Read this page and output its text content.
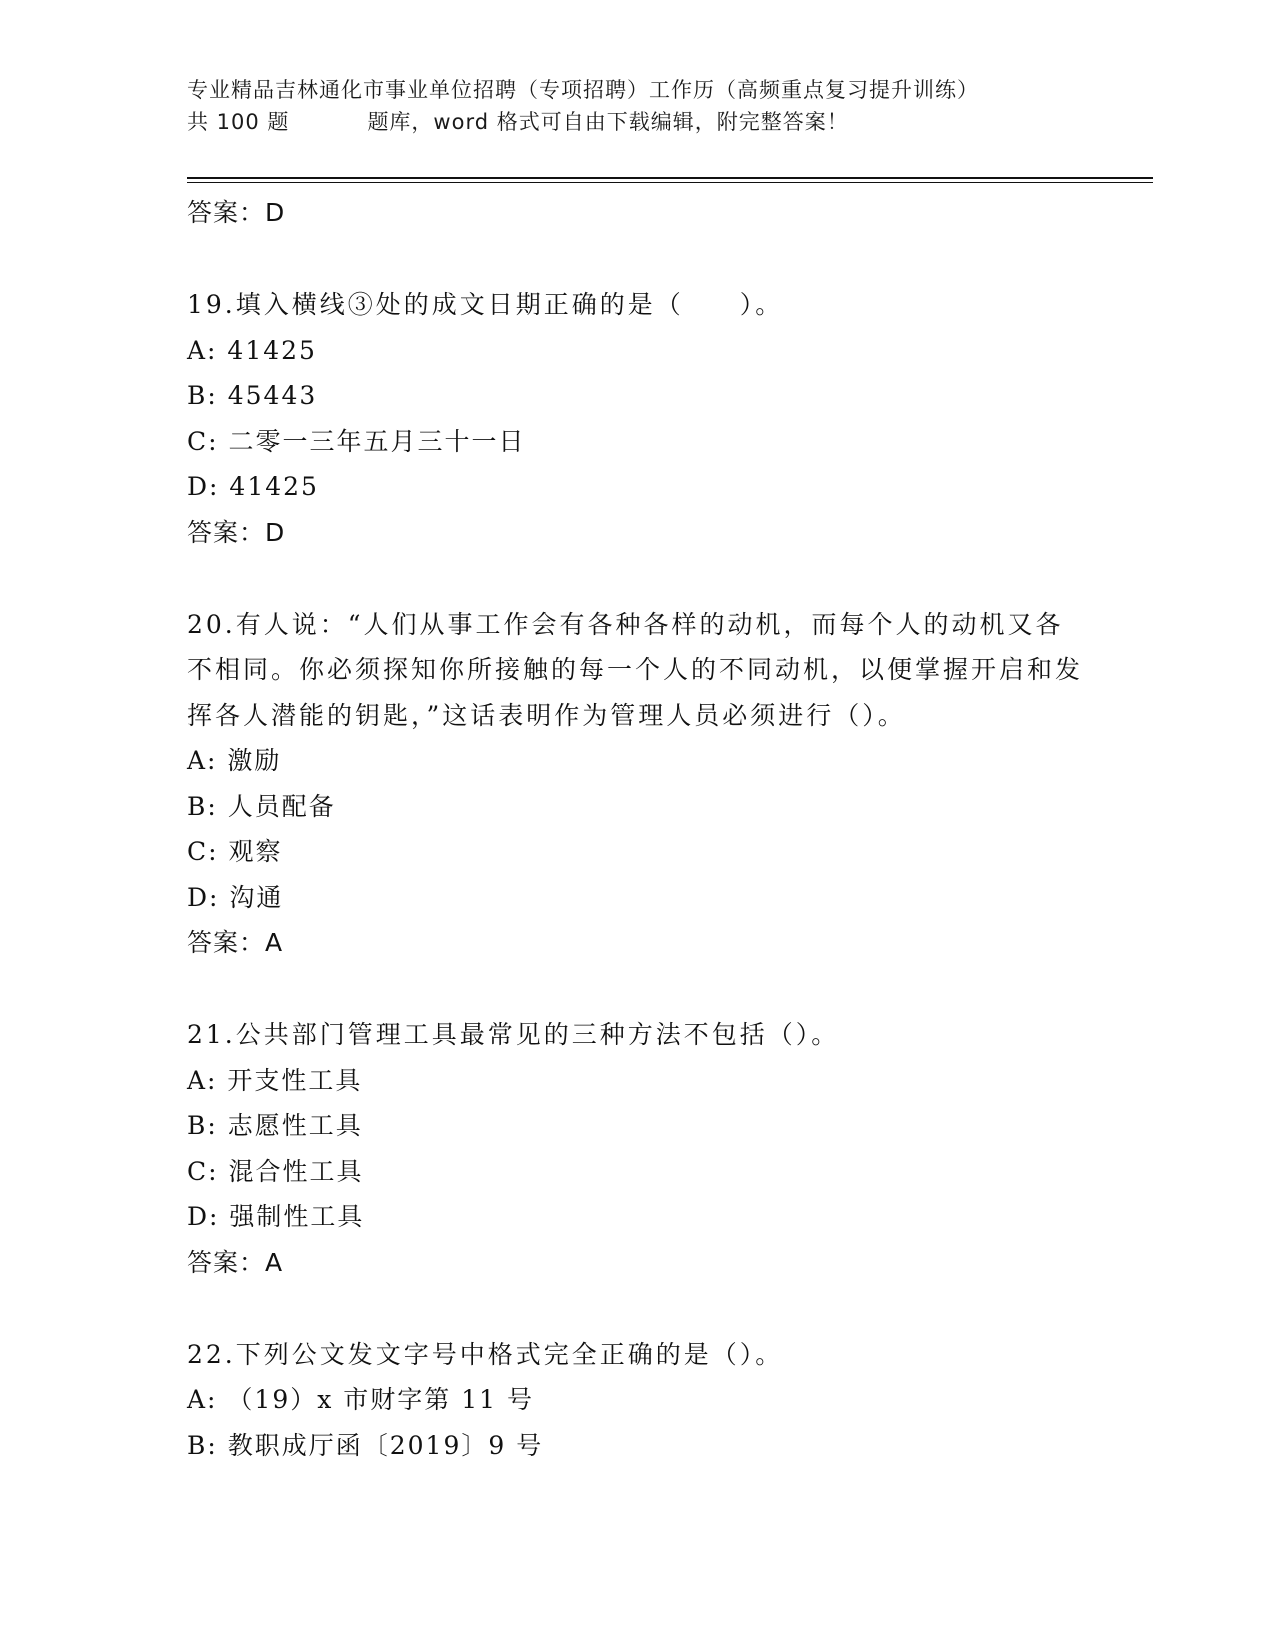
专业精品吉林通化市事业单位招聘（专项招聘）工作历（高频重点复习提升训练）
共 100 题	题库，word 格式可自由下载编辑，附完整答案！
答案：D
19.填入横线③处的成文日期正确的是（　　）。
A: 41425
B: 45443
C: 二零一三年五月三十一日
D: 41425
答案：D
20.有人说：“人们从事工作会有各种各样的动机，而每个人的动机又各不相同。你必须探知你所接触的每一个人的不同动机，以便掌握开启和发挥各人潜能的钥匙，”这话表明作为管理人员必须进行（）。
A: 激励
B: 人员配备
C: 观察
D: 沟通
答案：A
21.公共部门管理工具最常见的三种方法不包括（）。
A: 开支性工具
B: 志愿性工具
C: 混合性工具
D: 强制性工具
答案：A
22.下列公文发文字号中格式完全正确的是（）。
A: （19）x 市财字第 11 号
B: 教职成厅函〔2019〕9 号
